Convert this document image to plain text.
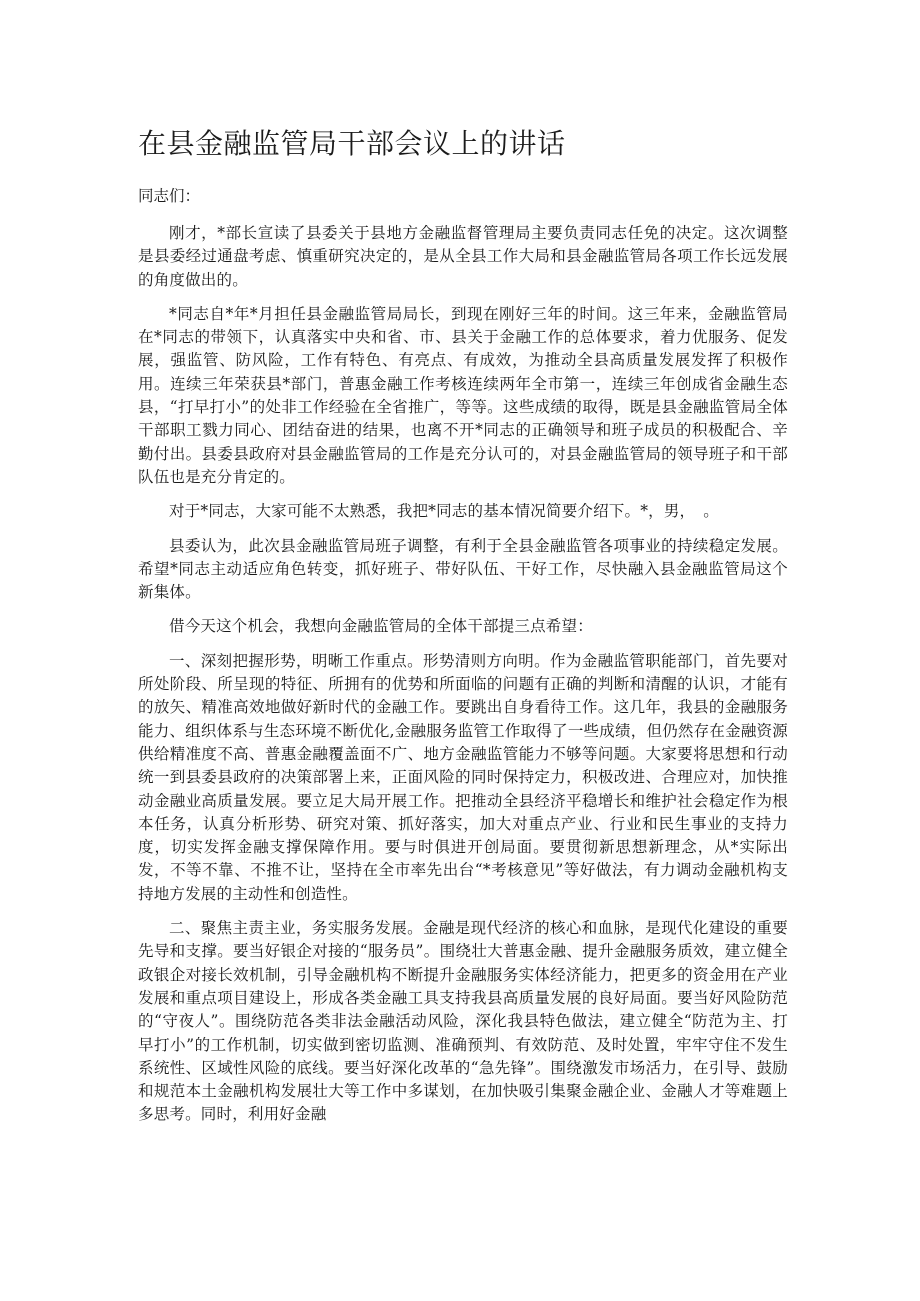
在县金融监管局干部会议上的讲话

同志们：

刚才，*部长宣读了县委关于县地方金融监督管理局主要负责同志任免的决定。这次调整是县委经过通盘考虑、慎重研究决定的，是从全县工作大局和县金融监管局各项工作长远发展的角度做出的。

*同志自*年*月担任县金融监管局局长，到现在刚好三年的时间。这三年来，金融监管局在*同志的带领下，认真落实中央和省、市、县关于金融工作的总体要求，着力优服务、促发展，强监管、防风险，工作有特色、有亮点、有成效，为推动全县高质量发展发挥了积极作用。连续三年荣获县*部门，普惠金融工作考核连续两年全市第一，连续三年创成省金融生态县，“打早打小”的处非工作经验在全省推广，等等。这些成绩的取得，既是县金融监管局全体干部职工戮力同心、团结奋进的结果，也离不开*同志的正确领导和班子成员的积极配合、辛勤付出。县委县政府对县金融监管局的工作是充分认可的，对县金融监管局的领导班子和干部队伍也是充分肯定的。

对于*同志，大家可能不太熟悉，我把*同志的基本情况简要介绍下。*，男，　。

县委认为，此次县金融监管局班子调整，有利于全县金融监管各项事业的持续稳定发展。希望*同志主动适应角色转变，抓好班子、带好队伍、干好工作，尽快融入县金融监管局这个新集体。

借今天这个机会，我想向金融监管局的全体干部提三点希望：

一、深刻把握形势，明晰工作重点。形势清则方向明。作为金融监管职能部门，首先要对所处阶段、所呈现的特征、所拥有的优势和所面临的问题有正确的判断和清醒的认识，才能有的放矢、精准高效地做好新时代的金融工作。要跳出自身看待工作。这几年，我县的金融服务能力、组织体系与生态环境不断优化,金融服务监管工作取得了一些成绩，但仍然存在金融资源供给精准度不高、普惠金融覆盖面不广、地方金融监管能力不够等问题。大家要将思想和行动统一到县委县政府的决策部署上来，正面风险的同时保持定力，积极改进、合理应对，加快推动金融业高质量发展。要立足大局开展工作。把推动全县经济平稳增长和维护社会稳定作为根本任务，认真分析形势、研究对策、抓好落实，加大对重点产业、行业和民生事业的支持力度，切实发挥金融支撑保障作用。要与时俱进开创局面。要贯彻新思想新理念，从*实际出发，不等不靠、不推不让，坚持在全市率先出台“*考核意见”等好做法，有力调动金融机构支持地方发展的主动性和创造性。

二、聚焦主责主业，务实服务发展。金融是现代经济的核心和血脉，是现代化建设的重要先导和支撑。要当好银企对接的“服务员”。围绕壮大普惠金融、提升金融服务质效，建立健全政银企对接长效机制，引导金融机构不断提升金融服务实体经济能力，把更多的资金用在产业发展和重点项目建设上，形成各类金融工具支持我县高质量发展的良好局面。要当好风险防范的“守夜人”。围绕防范各类非法金融活动风险，深化我县特色做法，建立健全“防范为主、打早打小”的工作机制，切实做到密切监测、准确预判、有效防范、及时处置，牢牢守住不发生系统性、区域性风险的底线。要当好深化改革的“急先锋”。围绕激发市场活力，在引导、鼓励和规范本土金融机构发展壮大等工作中多谋划，在加快吸引集聚金融企业、金融人才等难题上多思考。同时，利用好金融
